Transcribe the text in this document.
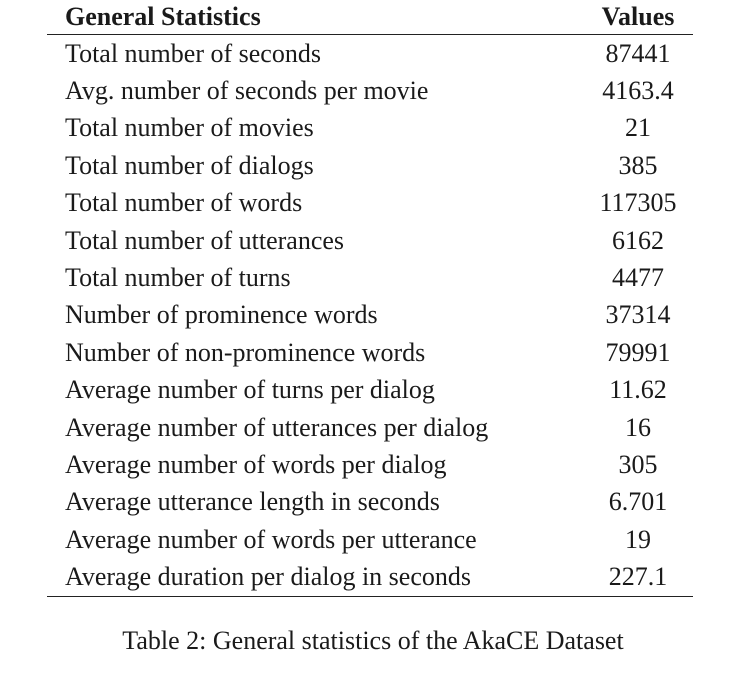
General Statistics	Values
Total number of seconds	87441
Avg. number of seconds per movie	4163.4
Total number of movies	21
Total number of dialogs	385
Total number of words	117305
Total number of utterances	6162
Total number of turns	4477
Number of prominence words	37314
Number of non-prominence words	79991
Average number of turns per dialog	11.62
Average number of utterances per dialog	16
Average number of words per dialog	305
Average utterance length in seconds	6.701
Average number of words per utterance	19
Average duration per dialog in seconds	227.1
Table 2: General statistics of the AkaCE Dataset
